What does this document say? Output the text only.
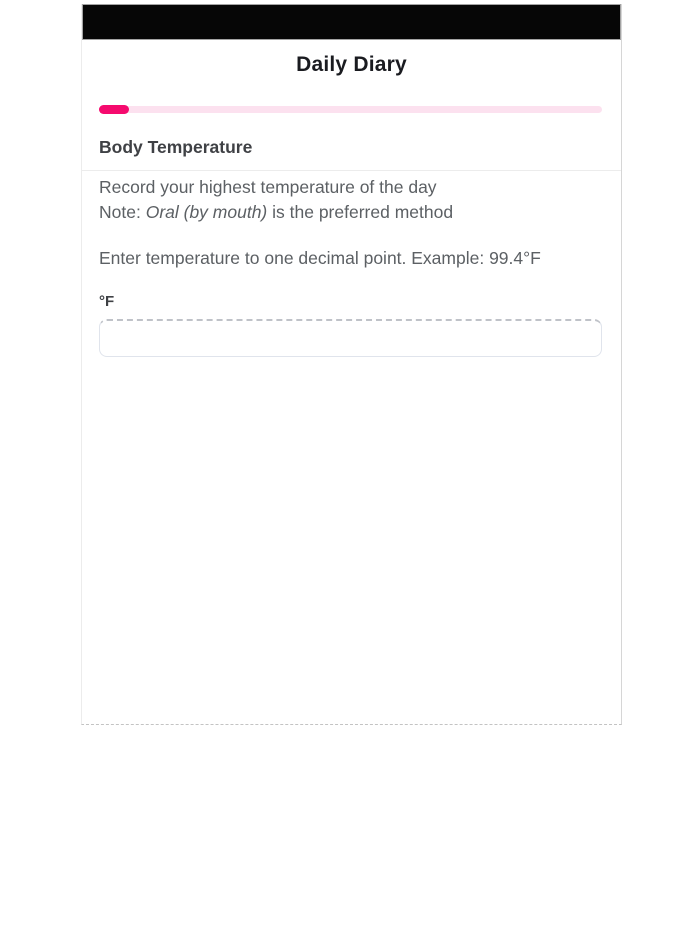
Daily Diary
Body Temperature
Record your highest temperature of the day
Note: Oral (by mouth) is the preferred method
Enter temperature to one decimal point. Example: 99.4°F
°F
